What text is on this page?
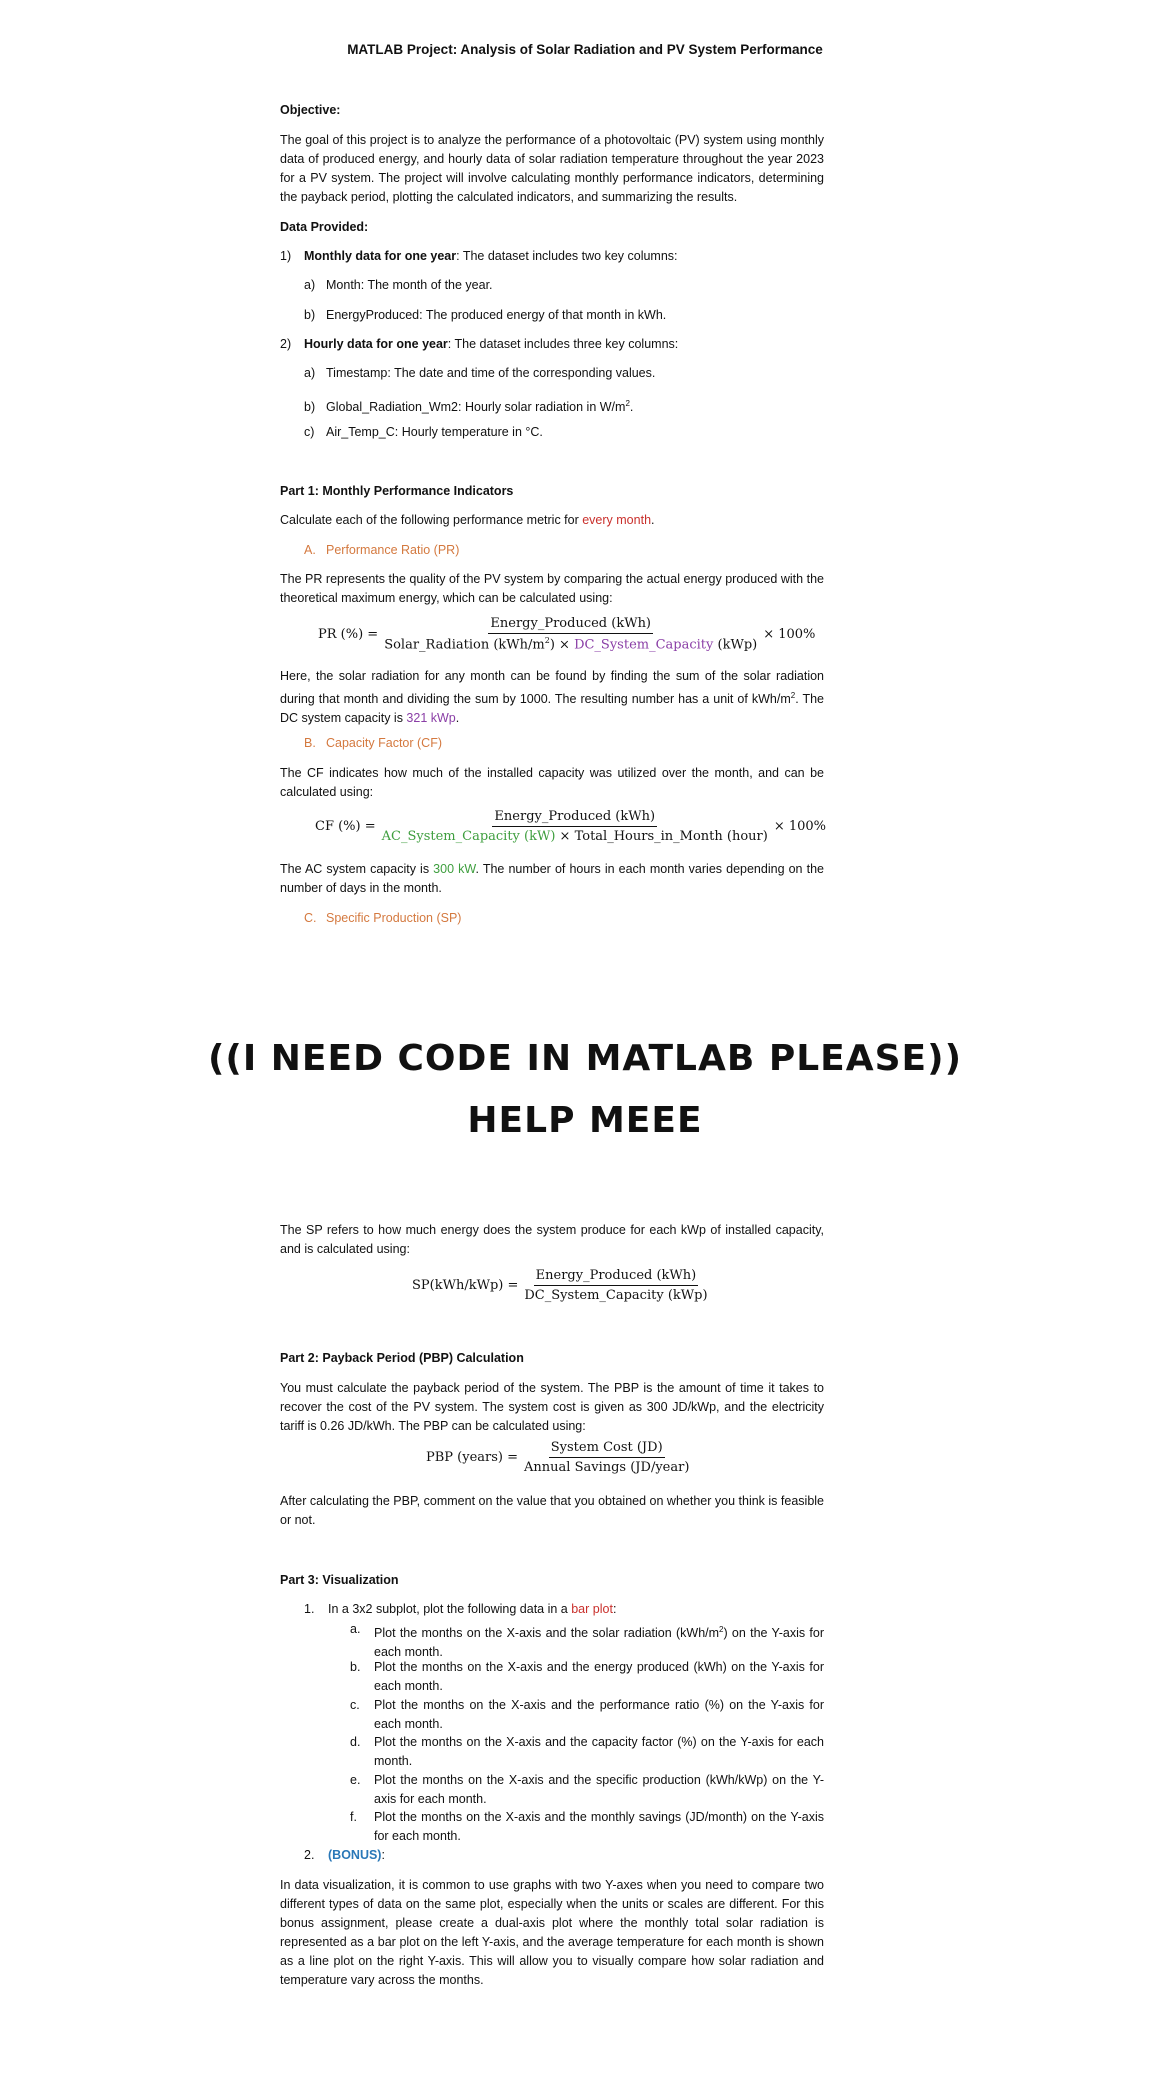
MATLAB Project: Analysis of Solar Radiation and PV System Performance
Objective:

The goal of this project is to analyze the performance of a photovoltaic (PV) system using monthly data of produced energy, and hourly data of solar radiation temperature throughout the year 2023 for a PV system. The project will involve calculating monthly performance indicators, determining the payback period, plotting the calculated indicators, and summarizing the results.

Data Provided:
1) Monthly data for one year: The dataset includes two key columns:
a) Month: The month of the year.
b) EnergyProduced: The produced energy of that month in kWh.
2) Hourly data for one year: The dataset includes three key columns:
a) Timestamp: The date and time of the corresponding values.
b) Global_Radiation_Wm2: Hourly solar radiation in $W/m^2$.
c) Air_Temp_C: Hourly temperature in °C.
Part 1: Monthly Performance Indicators

Calculate each of the following performance metric for every month.

A. Performance Ratio (PR)

The PR represents the quality of the PV system by comparing the actual energy produced with the theoretical maximum energy, which can be calculated using:

PR (%) = $\frac{\text{Energy\_Produced (kWh)}}{Solar\_Radiation (kWh/m^2) \times DC\_System\_Capacity (kWp)} \times 100\%$

Here, the solar radiation for any month can be found by finding the sum of the solar radiation during that month and dividing the sum by 1000. The resulting number has a unit of kWh/$m^2$. The DC system capacity is 321 kWp.

B. Capacity Factor (CF)

The CF indicates how much of the installed capacity was utilized over the month, and can be calculated using:

CF (%) = $\frac{\text{Energy\_Produced (kWh)}}{\text{AC\_System\_Capacity (kW) × Total\_Hours\_in\_Month (hour)}} \times 100\%$

The AC system capacity is 300 kW. The number of hours in each month varies depending on the number of days in the month.

C. Specific Production (SP)
((I NEED CODE IN MATLAB PLEASE))
HELP MEEE

The SP refers to how much energy does the system produce for each kWp of installed capacity, and is calculated using:

$SP(kWh/kWp) = \frac{\text{Energy\_Produced (kWh)}}{\text{DC\_System\_Capacity (kWp)}}$
Part 2: Payback Period (PBP) Calculation

You must calculate the payback period of the system. The PBP is the amount of time it takes to recover the cost of the PV system. The system cost is given as 300 JD/kWp, and the electricity tariff is 0.26 JD/kWh. The PBP can be calculated using:

PBP (years) = $\frac{\text{System Cost (JD)}}{\text{Annual Savings (JD/year)}}$

After calculating the PBP, comment on the value that you obtained on whether you think is feasible or not.

Part 3: Visualization
1. In a 3x2 subplot, plot the following data in a bar plot:
a.	Plot the months on the X-axis and the solar radiation $(kWh/m^2)$ on the Y-axis for each month.

b.	Plot the months on the X-axis and the energy produced (kWh) on the Y-axis for each month.

c.	Plot the months on the X-axis and the performance ratio (%) on the Y-axis for each month.

d.	Plot the months on the X-axis and the capacity factor (%) on the Y-axis for each month.

e.	Plot the months on the X-axis and the specific production (kWh/kWp) on the Y-axis for each month.

f.	Plot the months on the X-axis and the monthly savings (JD/month) on the Y-axis for each month.

2. (BONUS):

In data visualization, it is common to use graphs with two Y-axes when you need to compare two different types of data on the same plot, especially when the units or scales are different. For this bonus assignment, please create a dual-axis plot where the monthly total solar radiation is represented as a bar plot on the left Y-axis, and the average temperature for each month is shown as a line plot on the right Y-axis. This will allow you to visually compare how solar radiation and temperature vary across the months.
